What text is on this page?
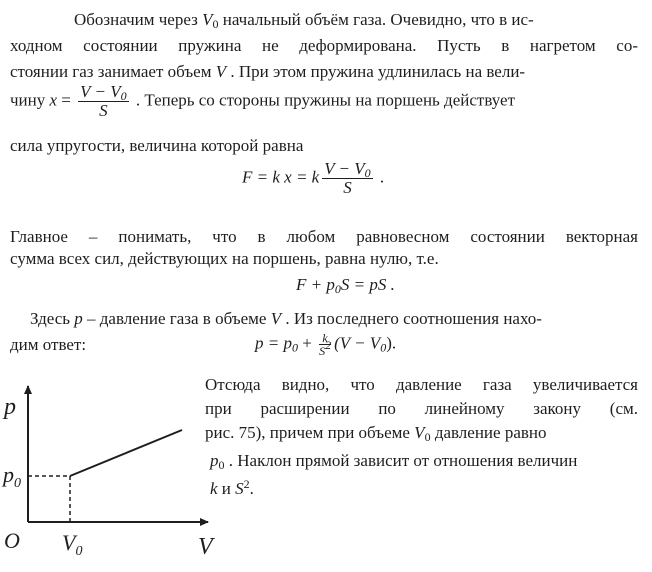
Обозначим через $V_0$ начальный объём газа. Очевидно, что в ис-
ходном состоянии пружина не деформирована. Пусть в нагретом со-
стоянии газ занимает объем V . При этом пружина удлинилась на вели-
чину $x = \frac{V - V_0}{S}$ . Теперь со стороны пружины на поршень действует
сила упругости, величина которой равна
F = k x = k $\frac{V - V_0}{S}$ .
Главное – понимать, что в любом равновесном состоянии векторная
сумма всех сил, действующих на поршень, равна нулю, т.е.
$F + p_0S$ = pS .
Здесь p – давление газа в объеме V . Из последнего соотношения нахо-
дим ответ:	$p = p_0 + \frac{k}{S^2} (V - V_0)$.
Отсюда видно, что давление газа увеличивается
при расширении по линейному закону (см.
рис. 75), причем при объеме $V_0$ давление равно
$p_0$ . Наклон прямой зависит от отношения величин
k и $S^2$.
p
$p_0$
O $V_0$	V
